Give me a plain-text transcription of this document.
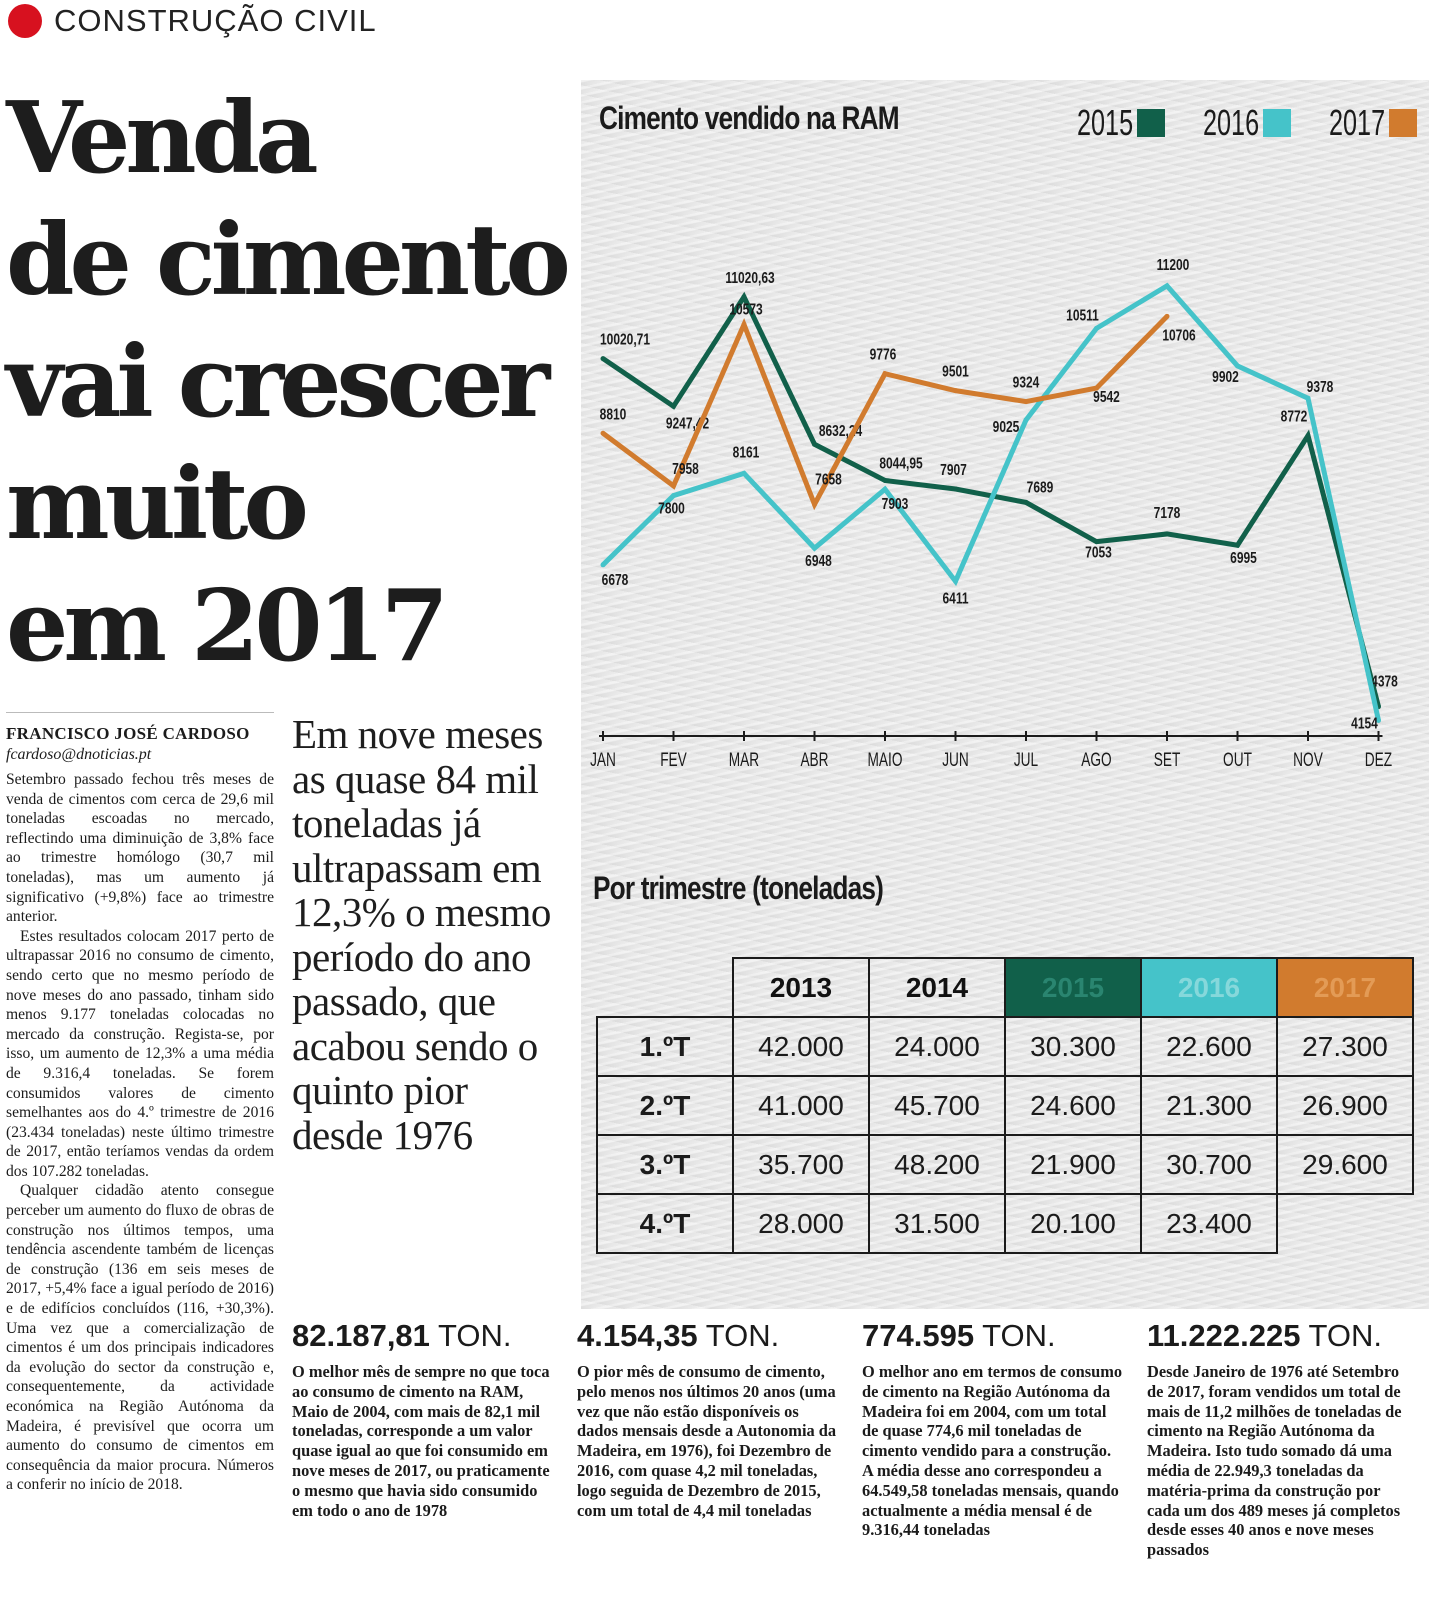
CONSTRUÇÃO CIVIL
Venda
de cimento
vai crescer
muito
em 2017
FRANCISCO JOSÉ CARDOSO
fcardoso@dnoticias.pt

Setembro passado fechou três meses de venda de cimentos com cerca de 29,6 mil toneladas escoadas no mercado, reflectindo uma diminuição de 3,8% face ao trimestre homólogo (30,7 mil toneladas), mas um aumento já significativo (+9,8%) face ao trimestre anterior.

Estes resultados colocam 2017 perto de ultrapassar 2016 no consumo de cimento, sendo certo que no mesmo período de nove meses do ano passado, tinham sido menos 9.177 toneladas colocadas no mercado da construção. Regista-se, por isso, um aumento de 12,3% a uma média de 9.316,4 toneladas. Se forem consumidos valores de cimento semelhantes aos do 4.º trimestre de 2016 (23.434 toneladas) neste último trimestre de 2017, então teríamos vendas da ordem dos 107.282 toneladas.

Qualquer cidadão atento consegue perceber um aumento do fluxo de obras de construção nos últimos tempos, uma tendência ascendente também de licenças de construção (136 em seis meses de 2017, +5,4% face a igual período de 2016) e de edifícios concluídos (116, +30,3%). Uma vez que a comercialização de cimentos é um dos principais indicadores da evolução do sector da construção e, consequentemente, da actividade económica na Região Autónoma da Madeira, é previsível que ocorra um aumento do consumo de cimentos em consequência da maior procura. Números a conferir no início de 2018.

Em nove meses as quase 84 mil toneladas já ultrapassam em 12,3% o mesmo período do ano passado, que acabou sendo o quinto pior desde 1976
Cimento vendido na RAM	2015 2016 2017
JAN FEV MAR ABR MAIO JUN JUL AGO SET OUT NOV DEZ
10020,71
9247,42
11020,63
8632,24
8044,95 7907
7689
7053
7178
6995
8772
4378
6678
7800
8161
6948
7903
6411
9025
10511
11200
9902
9378
4154
8810
7958
10573
7658
9776
9501
9324
9542
10706
Por trimestre (toneladas)
	2013	2014	2015	2016	2017
1.ºT	42.000	24.000	30.300	22.600	27.300
2.ºT	41.000	45.700	24.600	21.300	26.900
3.ºT	35.700	48.200	21.900	30.700	29.600
4.ºT	28.000	31.500	20.100	23.400	
82.187,81 TON.
O melhor mês de sempre no que toca ao consumo de cimento na RAM, Maio de 2004, com mais de 82,1 mil toneladas, corresponde a um valor quase igual ao que foi consumido em nove meses de 2017, ou praticamente o mesmo que havia sido consumido em todo o ano de 1978
4.154,35 TON.
O pior mês de consumo de cimento, pelo menos nos últimos 20 anos (uma vez que não estão disponíveis os dados mensais desde a Autonomia da Madeira, em 1976), foi Dezembro de 2016, com quase 4,2 mil toneladas, logo seguida de Dezembro de 2015, com um total de 4,4 mil toneladas
774.595 TON.
O melhor ano em termos de consumo de cimento na Região Autónoma da Madeira foi em 2004, com um total de quase 774,6 mil toneladas de cimento vendido para a construção. A média desse ano correspondeu a 64.549,58 toneladas mensais, quando actualmente a média mensal é de 9.316,44 toneladas
11.222.225 TON.
Desde Janeiro de 1976 até Setembro de 2017, foram vendidos um total de mais de 11,2 milhões de toneladas de cimento na Região Autónoma da Madeira. Isto tudo somado dá uma média de 22.949,3 toneladas da matéria-prima da construção por cada um dos 489 meses já completos desde esses 40 anos e nove meses passados
